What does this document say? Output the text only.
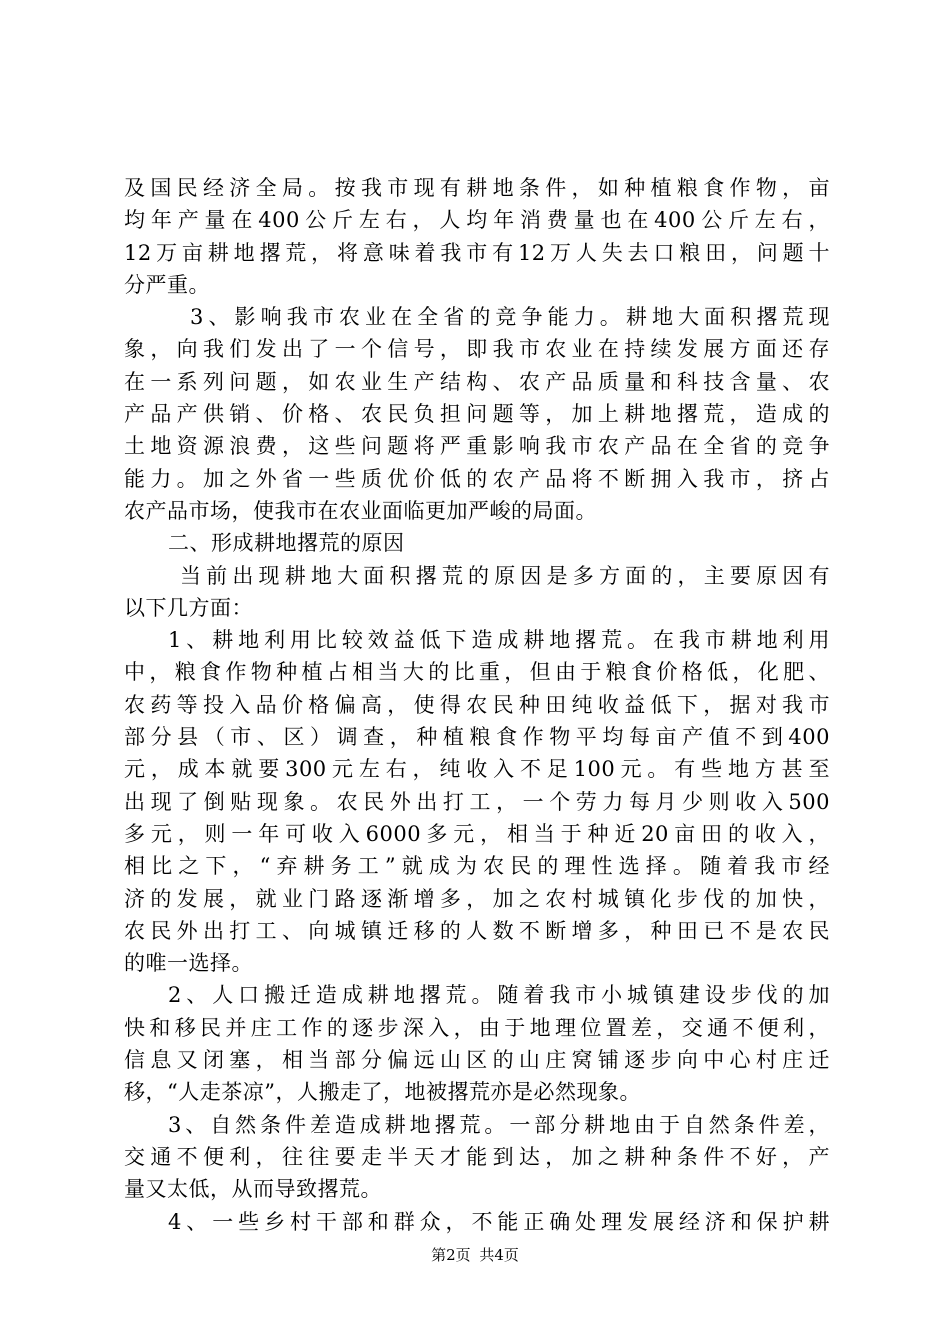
及国民经济全局。按我市现有耕地条件，如种植粮食作物，亩
均年产量在400公斤左右，人均年消费量也在400公斤左右，
12万亩耕地撂荒，将意味着我市有12万人失去口粮田，问题十
分严重。
3、影响我市农业在全省的竞争能力。耕地大面积撂荒现
象，向我们发出了一个信号，即我市农业在持续发展方面还存
在一系列问题，如农业生产结构、农产品质量和科技含量、农
产品产供销、价格、农民负担问题等，加上耕地撂荒，造成的
土地资源浪费，这些问题将严重影响我市农产品在全省的竞争
能力。加之外省一些质优价低的农产品将不断拥入我市，挤占
农产品市场，使我市在农业面临更加严峻的局面。
二、形成耕地撂荒的原因
当前出现耕地大面积撂荒的原因是多方面的，主要原因有
以下几方面：
1、耕地利用比较效益低下造成耕地撂荒。在我市耕地利用
中，粮食作物种植占相当大的比重，但由于粮食价格低，化肥、
农药等投入品价格偏高，使得农民种田纯收益低下，据对我市
部分县（市、区）调查，种植粮食作物平均每亩产值不到400
元，成本就要300元左右，纯收入不足100元。有些地方甚至
出现了倒贴现象。农民外出打工，一个劳力每月少则收入500
多元，则一年可收入6000多元，相当于种近20亩田的收入，
相比之下，“弃耕务工”就成为农民的理性选择。随着我市经
济的发展，就业门路逐渐增多，加之农村城镇化步伐的加快，
农民外出打工、向城镇迁移的人数不断增多，种田已不是农民
的唯一选择。
2、人口搬迁造成耕地撂荒。随着我市小城镇建设步伐的加
快和移民并庄工作的逐步深入，由于地理位置差，交通不便利，
信息又闭塞，相当部分偏远山区的山庄窝铺逐步向中心村庄迁
移，“人走茶凉”，人搬走了，地被撂荒亦是必然现象。
3、自然条件差造成耕地撂荒。一部分耕地由于自然条件差，
交通不便利，往往要走半天才能到达，加之耕种条件不好，产
量又太低，从而导致撂荒。
4、一些乡村干部和群众，不能正确处理发展经济和保护耕
第2页 共4页
